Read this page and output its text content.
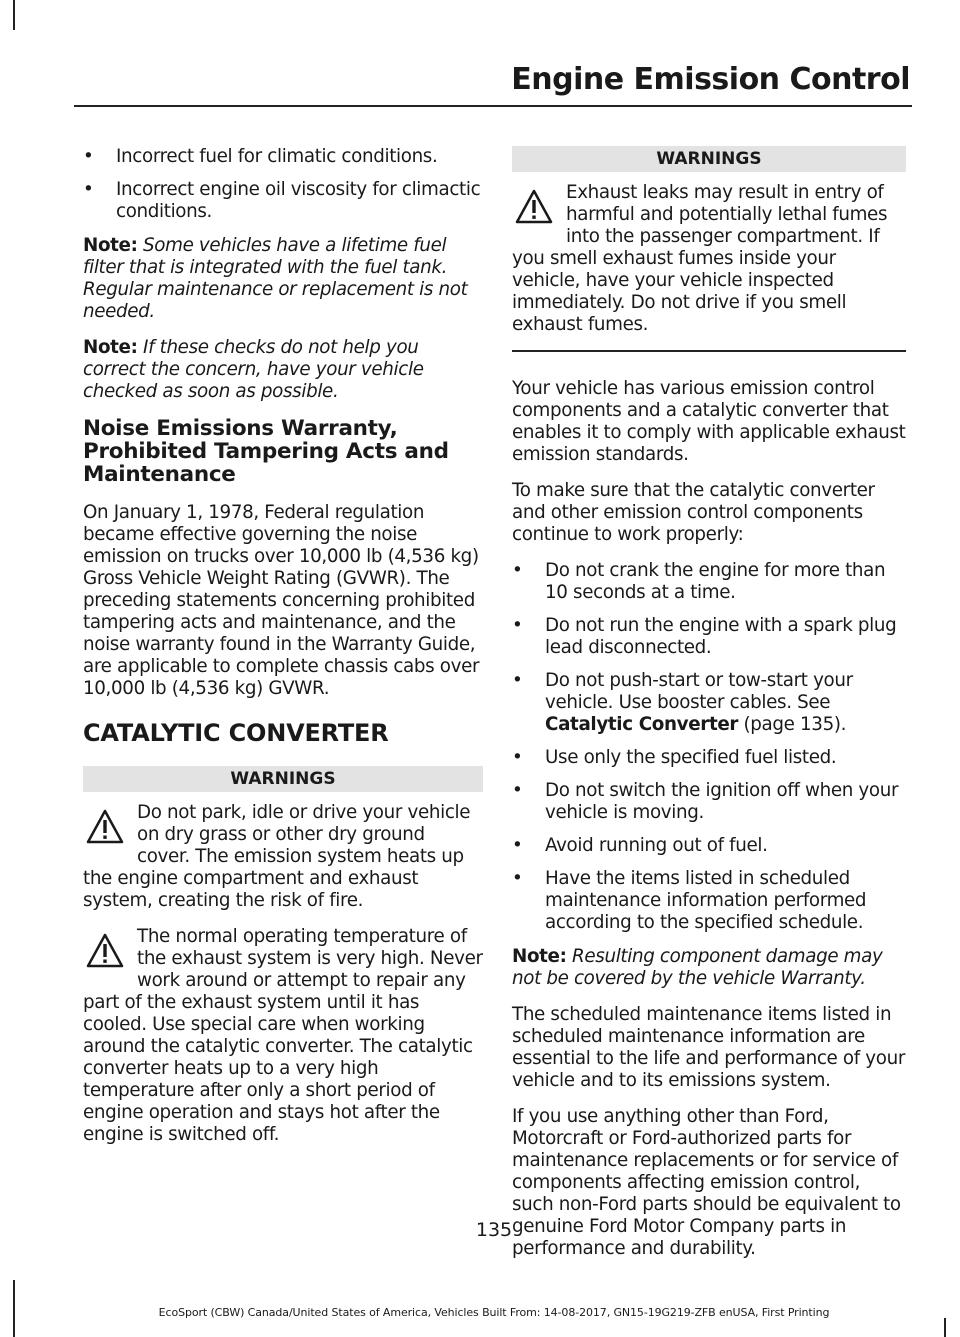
Engine Emission Control
• Incorrect fuel for climatic conditions.
• Incorrect engine oil viscosity for climactic conditions.

Note: Some vehicles have a lifetime fuel filter that is integrated with the fuel tank. Regular maintenance or replacement is not needed.

Note: If these checks do not help you correct the concern, have your vehicle checked as soon as possible.

Noise Emissions Warranty, Prohibited Tampering Acts and Maintenance

On January 1, 1978, Federal regulation became effective governing the noise emission on trucks over 10,000 lb (4,536 kg) Gross Vehicle Weight Rating (GVWR). The preceding statements concerning prohibited tampering acts and maintenance, and the noise warranty found in the Warranty Guide, are applicable to complete chassis cabs over 10,000 lb (4,536 kg) GVWR.

CATALYTIC CONVERTER
WARNINGS
Do not park, idle or drive your vehicle on dry grass or other dry ground cover. The emission system heats up the engine compartment and exhaust system, creating the risk of fire.
The normal operating temperature of the exhaust system is very high. Never work around or attempt to repair any part of the exhaust system until it has cooled. Use special care when working around the catalytic converter. The catalytic converter heats up to a very high temperature after only a short period of engine operation and stays hot after the engine is switched off.
WARNINGS
Exhaust leaks may result in entry of harmful and potentially lethal fumes into the passenger compartment. If you smell exhaust fumes inside your vehicle, have your vehicle inspected immediately. Do not drive if you smell exhaust fumes.

Your vehicle has various emission control components and a catalytic converter that enables it to comply with applicable exhaust emission standards.

To make sure that the catalytic converter and other emission control components continue to work properly:

• Do not crank the engine for more than 10 seconds at a time.
• Do not run the engine with a spark plug lead disconnected.
• Do not push-start or tow-start your vehicle. Use booster cables. See Catalytic Converter (page 135).
• Use only the specified fuel listed.
• Do not switch the ignition off when your vehicle is moving.
• Avoid running out of fuel.
• Have the items listed in scheduled maintenance information performed according to the specified schedule.

Note: Resulting component damage may not be covered by the vehicle Warranty.

The scheduled maintenance items listed in scheduled maintenance information are essential to the life and performance of your vehicle and to its emissions system.

If you use anything other than Ford, Motorcraft or Ford-authorized parts for maintenance replacements or for service of components affecting emission control, such non-Ford parts should be equivalent to genuine Ford Motor Company parts in performance and durability.

135
EcoSport (CBW) Canada/United States of America, Vehicles Built From: 14-08-2017, GN15-19G219-ZFB enUSA, First Printing
